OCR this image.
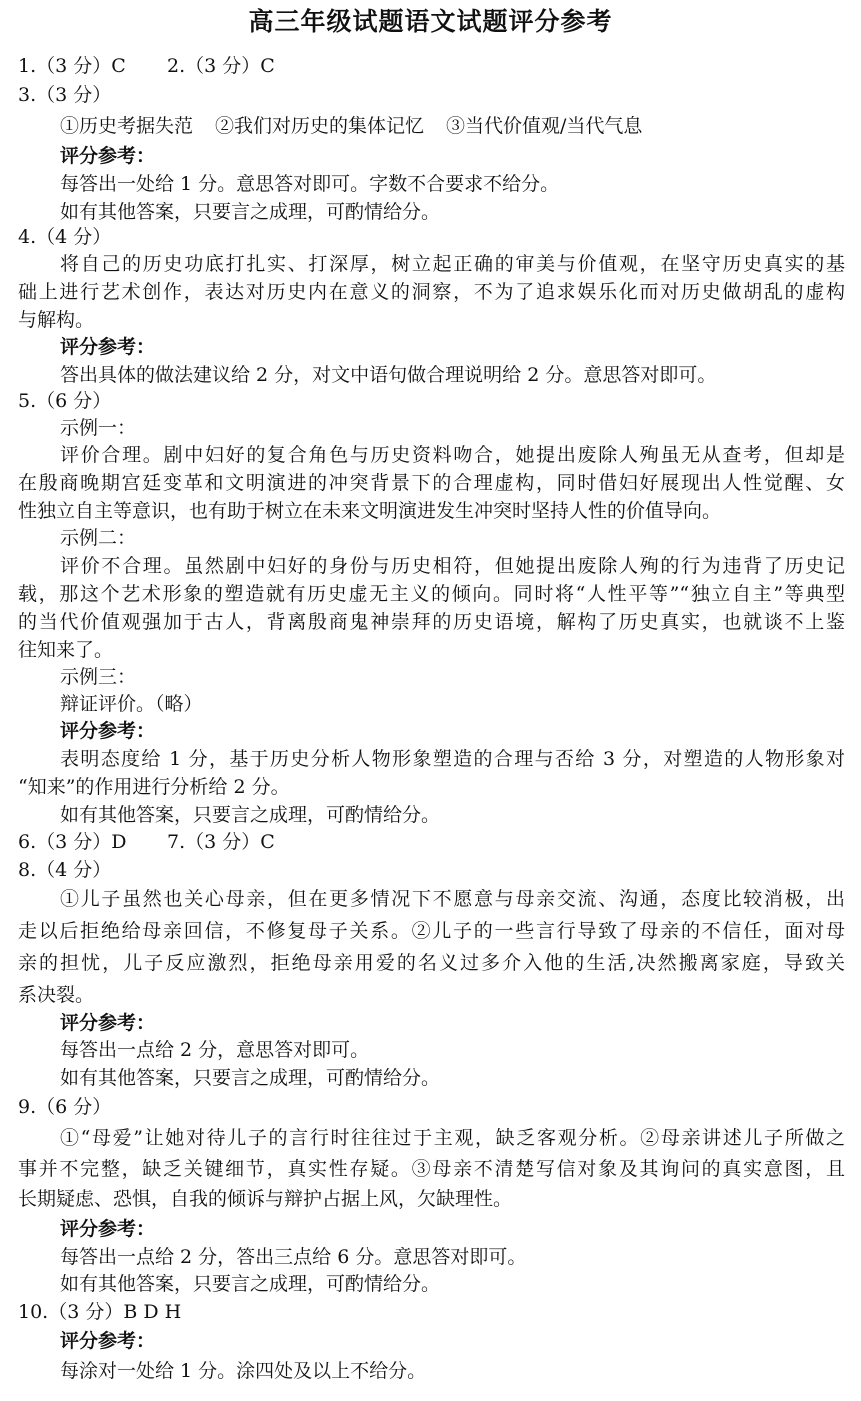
高三年级试题语文试题评分参考
1.（3 分）C 2.（3 分）C
3.（3 分）
①历史考据失范 ②我们对历史的集体记忆 ③当代价值观/当代气息
评分参考：
每答出一处给 1 分。意思答对即可。字数不合要求不给分。
如有其他答案，只要言之成理，可酌情给分。
4.（4 分）
将自己的历史功底打扎实、打深厚，树立起正确的审美与价值观，在坚守历史真实的基
础上进行艺术创作，表达对历史内在意义的洞察，不为了追求娱乐化而对历史做胡乱的虚构
与解构。
评分参考：
答出具体的做法建议给 2 分，对文中语句做合理说明给 2 分。意思答对即可。
5.（6 分）
示例一：
评价合理。剧中妇好的复合角色与历史资料吻合，她提出废除人殉虽无从查考，但却是
在殷商晚期宫廷变革和文明演进的冲突背景下的合理虚构，同时借妇好展现出人性觉醒、女
性独立自主等意识，也有助于树立在未来文明演进发生冲突时坚持人性的价值导向。
示例二：
评价不合理。虽然剧中妇好的身份与历史相符，但她提出废除人殉的行为违背了历史记
载，那这个艺术形象的塑造就有历史虚无主义的倾向。同时将“人性平等”“独立自主”等典型
的当代价值观强加于古人，背离殷商鬼神崇拜的历史语境，解构了历史真实，也就谈不上鉴
往知来了。
示例三：
辩证评价。（略）
评分参考：
表明态度给 1 分，基于历史分析人物形象塑造的合理与否给 3 分，对塑造的人物形象对
“知来”的作用进行分析给 2 分。
如有其他答案，只要言之成理，可酌情给分。
6.（3 分）D 7.（3 分）C
8.（4 分）
①儿子虽然也关心母亲，但在更多情况下不愿意与母亲交流、沟通，态度比较消极，出
走以后拒绝给母亲回信，不修复母子关系。②儿子的一些言行导致了母亲的不信任，面对母
亲的担忧，儿子反应激烈，拒绝母亲用爱的名义过多介入他的生活,决然搬离家庭，导致关
系决裂。
评分参考：
每答出一点给 2 分，意思答对即可。
如有其他答案，只要言之成理，可酌情给分。
9.（6 分）
①“母爱”让她对待儿子的言行时往往过于主观，缺乏客观分析。②母亲讲述儿子所做之
事并不完整，缺乏关键细节，真实性存疑。③母亲不清楚写信对象及其询问的真实意图，且
长期疑虑、恐惧，自我的倾诉与辩护占据上风，欠缺理性。
评分参考：
每答出一点给 2 分，答出三点给 6 分。意思答对即可。
如有其他答案，只要言之成理，可酌情给分。
10.（3 分）B D H
评分参考：
每涂对一处给 1 分。涂四处及以上不给分。
